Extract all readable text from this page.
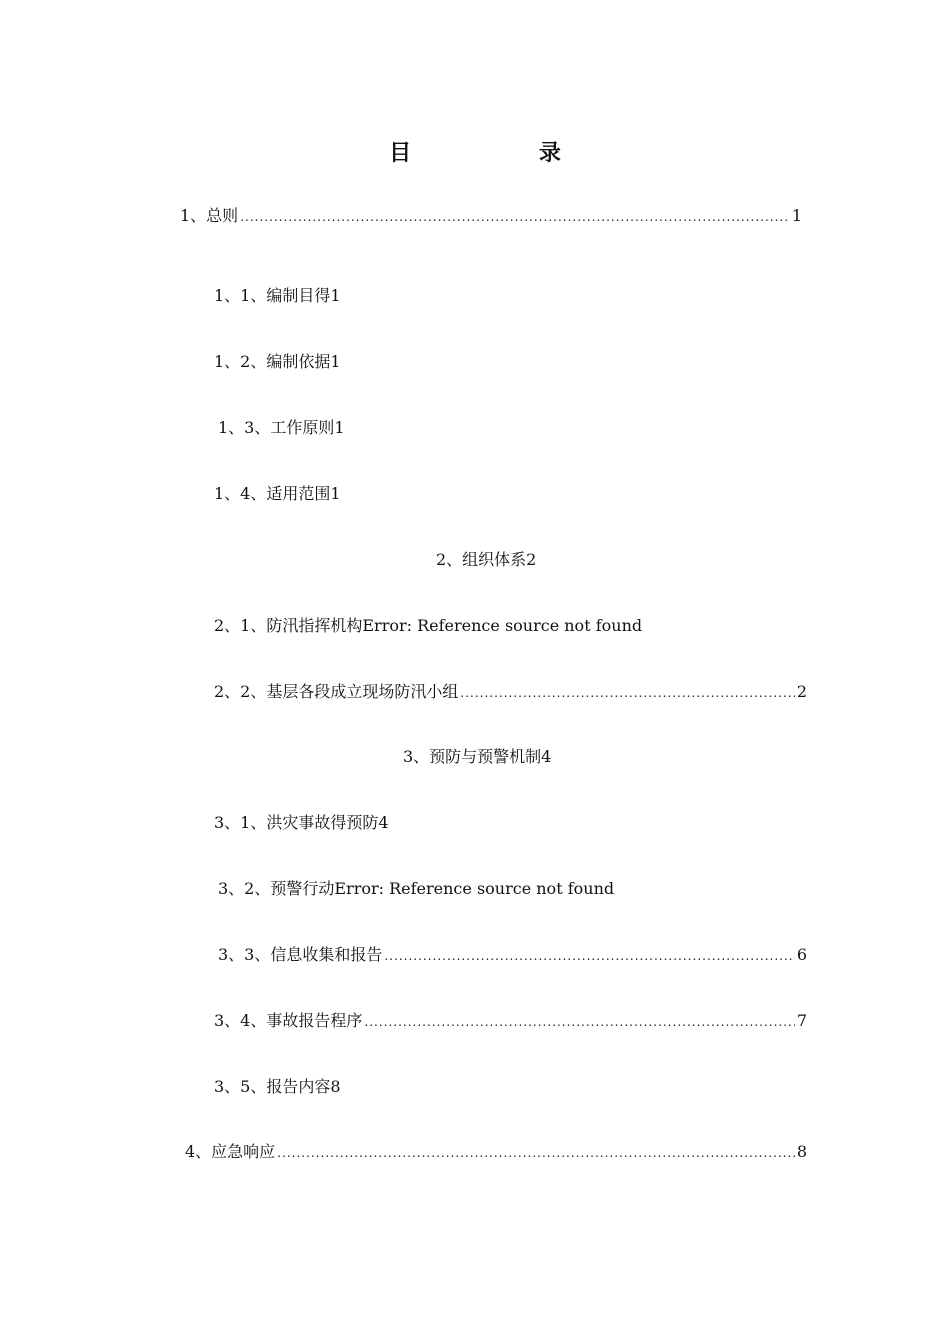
目 录
1、总则 .....	1
1、1、编制目得1
1、2、编制依据1
1、3、工作原则1
1、4、适用范围1
2、组织体系2
2、1、防汛指挥机构Error: Reference source not found
2、2、基层各段成立现场防汛小组 .....	2
3、预防与预警机制4
3、1、洪灾事故得预防4
3、2、预警行动Error: Reference source not found
3、3、信息收集和报告 .....	6
3、4、事故报告程序 .....	7
3、5、报告内容8
4、应急响应 .....	8
